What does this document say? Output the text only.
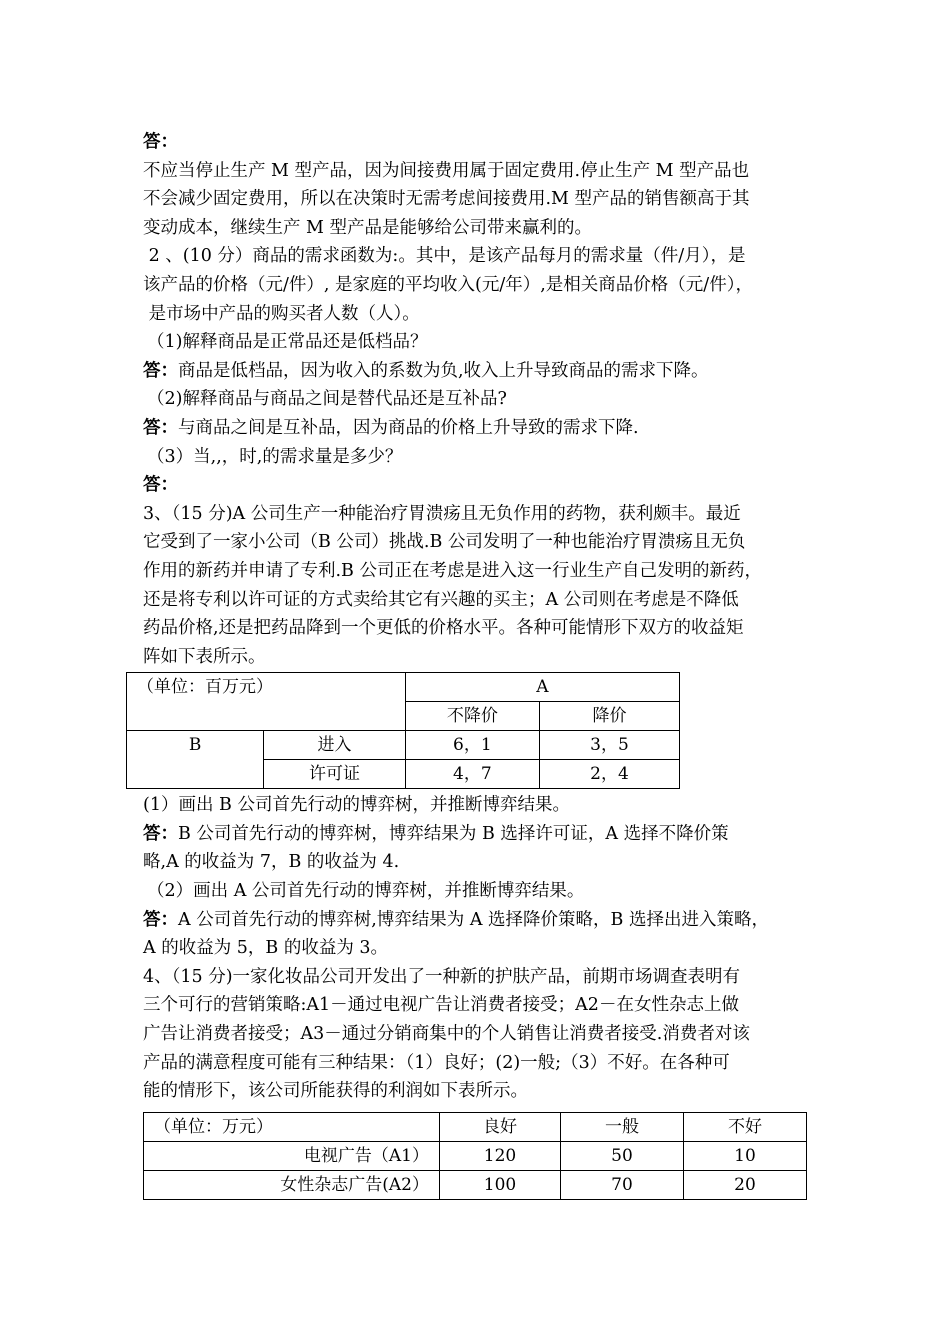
答：

不应当停止生产 M 型产品，因为间接费用属于固定费用.停止生产 M 型产品也

不会减少固定费用，所以在决策时无需考虑间接费用.M 型产品的销售额高于其

变动成本，继续生产 M 型产品是能够给公司带来赢利的。

2 、(10 分）商品的需求函数为:。其中，是该产品每月的需求量（件/月），是

该产品的价格（元/件）, 是家庭的平均收入(元/年）,是相关商品价格（元/件），

是市场中产品的购买者人数（人）。

（1)解释商品是正常品还是低档品？

答：商品是低档品，因为收入的系数为负,收入上升导致商品的需求下降。

（2)解释商品与商品之间是替代品还是互补品?

答：与商品之间是互补品，因为商品的价格上升导致的需求下降.

（3）当,,，时,的需求量是多少？

答：

3、（15 分)A 公司生产一种能治疗胃溃疡且无负作用的药物，获利颇丰。最近

它受到了一家小公司（B 公司）挑战.B 公司发明了一种也能治疗胃溃疡且无负

作用的新药并申请了专利.B 公司正在考虑是进入这一行业生产自己发明的新药，

还是将专利以许可证的方式卖给其它有兴趣的买主；A 公司则在考虑是不降低

药品价格,还是把药品降到一个更低的价格水平。各种可能情形下双方的收益矩

阵如下表所示。

（单位：百万元）		A	
		不降价	降价
B	进入	6，1	3，5
	许可证	4，7	2，4

(1）画出 B 公司首先行动的博弈树，并推断博弈结果。

答：B 公司首先行动的博弈树，博弈结果为 B 选择许可证，A 选择不降价策

略,A 的收益为 7，B 的收益为 4.

（2）画出 A 公司首先行动的博弈树，并推断博弈结果。

答：A 公司首先行动的博弈树,博弈结果为 A 选择降价策略，B 选择出进入策略，

A 的收益为 5，B 的收益为 3。

4、（15 分)一家化妆品公司开发出了一种新的护肤产品，前期市场调查表明有

三个可行的营销策略:A1－通过电视广告让消费者接受；A2－在女性杂志上做

广告让消费者接受；A3－通过分销商集中的个人销售让消费者接受.消费者对该

产品的满意程度可能有三种结果：（1）良好；(2)一般;（3）不好。在各种可

能的情形下，该公司所能获得的利润如下表所示。

（单位：万元）	良好	一般	不好
电视广告（A1）	120	50	10
女性杂志广告(A2）	100	70	20
